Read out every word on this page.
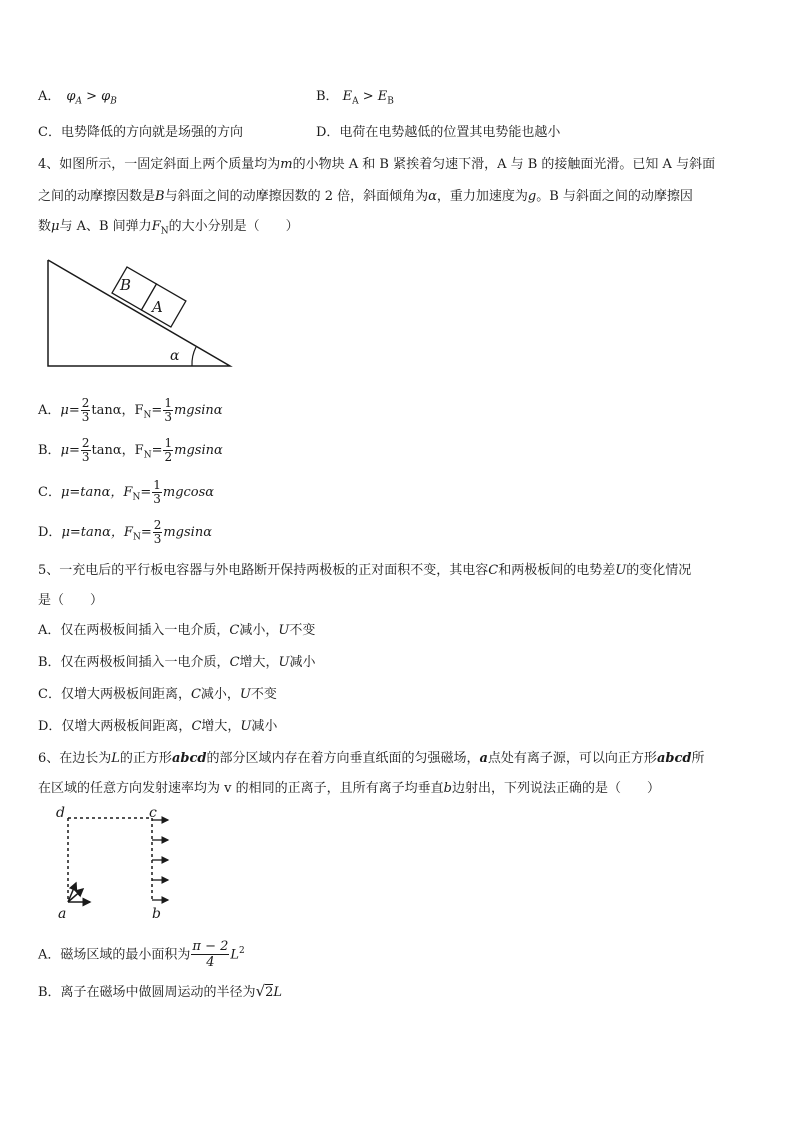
A． $\varphi_A > \varphi_B$	B． $E_A > E_B$
C．电势降低的方向就是场强的方向	D．电荷在电势越低的位置其电势能也越小
4、如图所示，一固定斜面上两个质量均为m的小物块 A 和 B 紧挨着匀速下滑，A 与 B 的接触面光滑。已知 A 与斜面
之间的动摩擦因数是B与斜面之间的动摩擦因数的 2 倍，斜面倾角为α，重力加速度为g。B 与斜面之间的动摩擦因
数μ与 A、B 间弹力$F_N$的大小分别是（　　）
B
A
α
A．$\mu= \frac{2}{3}$ tanα，$F_N= \frac{1}{3}$ mgsinα
B．$\mu= \frac{2}{3}$ tanα，$F_N= \frac{1}{2}$ mgsinα
C．μ=tanα，$F_N= \frac{1}{3}$ mgcosα
D．μ=tanα，$F_N= \frac{2}{3}$ mgsinα
5、一充电后的平行板电容器与外电路断开保持两极板的正对面积不变，其电容C和两极板间的电势差U的变化情况
是（　　）
A．仅在两极板间插入一电介质，C减小，U不变
B．仅在两极板间插入一电介质，C增大，U减小
C．仅增大两极板间距离，C减小，U不变
D．仅增大两极板间距离，C增大，U减小
6、在边长为L的正方形abcd的部分区域内存在着方向垂直纸面的匀强磁场，a点处有离子源，可以向正方形abcd所
在区域的任意方向发射速率均为 v 的相同的正离子，且所有离子均垂直b边射出，下列说法正确的是（　　）
d	c
a	b
A．磁场区域的最小面积为 $\frac{\pi - 2}{4} L^2$
B．离子在磁场中做圆周运动的半径为√2L
